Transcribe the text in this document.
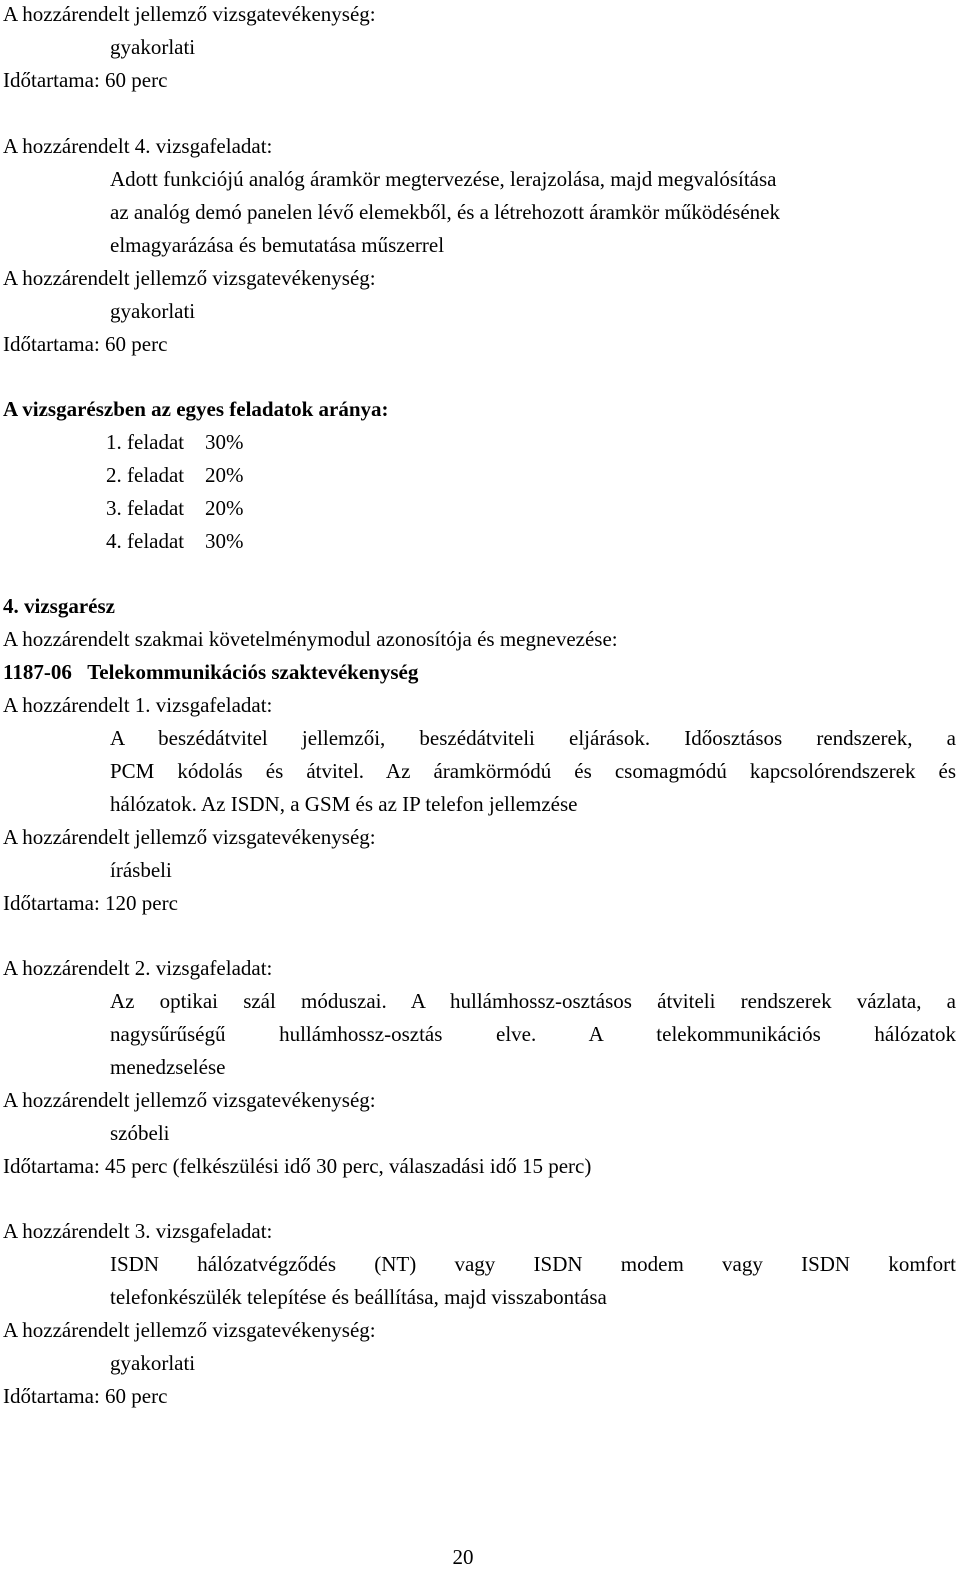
A hozzárendelt jellemző vizsgatevékenység:
gyakorlati
Időtartama: 60 perc
A hozzárendelt 4. vizsgafeladat:
Adott funkciójú analóg áramkör megtervezése, lerajzolása, majd megvalósítása
az analóg demó panelen lévő elemekből, és a létrehozott áramkör működésének
elmagyarázása és bemutatása műszerrel
A hozzárendelt jellemző vizsgatevékenység:
gyakorlati
Időtartama: 60 perc
A vizsgarészben az egyes feladatok aránya:
1. feladat 30%
2. feladat 20%
3. feladat 20%
4. feladat 30%
4. vizsgarész
A hozzárendelt szakmai követelménymodul azonosítója és megnevezése:
1187-06   Telekommunikációs szaktevékenység
A hozzárendelt 1. vizsgafeladat:
A beszédátvitel jellemzői, beszédátviteli eljárások. Időosztásos rendszerek, a
PCM kódolás és átvitel. Az áramkörmódú és csomagmódú kapcsolórendszerek és
hálózatok. Az ISDN, a GSM és az IP telefon jellemzése
A hozzárendelt jellemző vizsgatevékenység:
írásbeli
Időtartama: 120 perc
A hozzárendelt 2. vizsgafeladat:
Az optikai szál móduszai. A hullámhossz-osztásos átviteli rendszerek vázlata, a
nagysűrűségű hullámhossz-osztás elve. A telekommunikációs hálózatok
menedzselése
A hozzárendelt jellemző vizsgatevékenység:
szóbeli
Időtartama: 45 perc (felkészülési idő 30 perc, válaszadási idő 15 perc)
A hozzárendelt 3. vizsgafeladat:
ISDN hálózatvégződés (NT) vagy ISDN modem vagy ISDN komfort
telefonkészülék telepítése és beállítása, majd visszabontása
A hozzárendelt jellemző vizsgatevékenység:
gyakorlati
Időtartama: 60 perc
20
